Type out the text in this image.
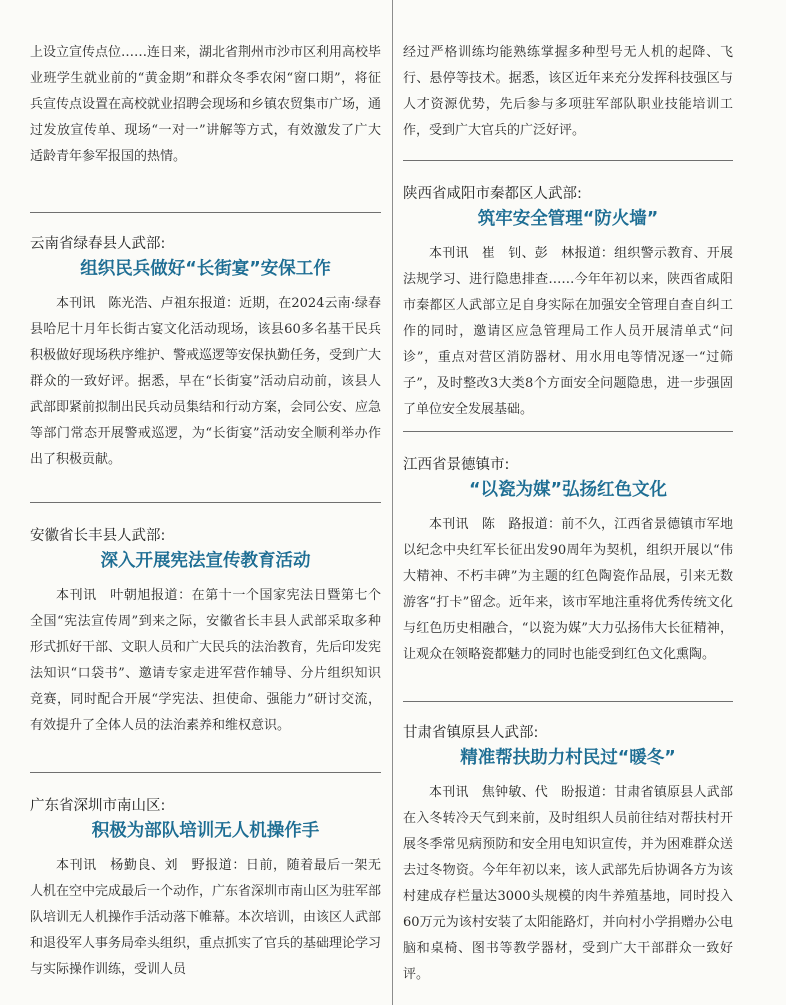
上设立宣传点位……连日来，湖北省荆州市沙市区利用高校毕业班学生就业前的“黄金期”和群众冬季农闲“窗口期”，将征兵宣传点设置在高校就业招聘会现场和乡镇农贸集市广场，通过发放宣传单、现场“一对一”讲解等方式，有效激发了广大适龄青年参军报国的热情。

云南省绿春县人武部:

组织民兵做好“长街宴”安保工作

本刊讯　陈光浩、卢祖东报道：近期，在2024云南·绿春县哈尼十月年长街古宴文化活动现场，该县60多名基干民兵积极做好现场秩序维护、警戒巡逻等安保执勤任务，受到广大群众的一致好评。据悉，早在“长街宴”活动启动前，该县人武部即紧前拟制出民兵动员集结和行动方案，会同公安、应急等部门常态开展警戒巡逻，为“长街宴”活动安全顺利举办作出了积极贡献。

安徽省长丰县人武部:

深入开展宪法宣传教育活动

本刊讯　叶朝旭报道：在第十一个国家宪法日暨第七个全国“宪法宣传周”到来之际，安徽省长丰县人武部采取多种形式抓好干部、文职人员和广大民兵的法治教育，先后印发宪法知识“口袋书”、邀请专家走进军营作辅导、分片组织知识竞赛，同时配合开展“学宪法、担使命、强能力”研讨交流，有效提升了全体人员的法治素养和维权意识。

广东省深圳市南山区:

积极为部队培训无人机操作手

本刊讯　杨勤良、刘　野报道：日前，随着最后一架无人机在空中完成最后一个动作，广东省深圳市南山区为驻军部队培训无人机操作手活动落下帷幕。本次培训，由该区人武部和退役军人事务局牵头组织，重点抓实了官兵的基础理论学习与实际操作训练，受训人员

经过严格训练均能熟练掌握多种型号无人机的起降、飞行、悬停等技术。据悉，该区近年来充分发挥科技强区与人才资源优势，先后参与多项驻军部队职业技能培训工作，受到广大官兵的广泛好评。

陕西省咸阳市秦都区人武部:

筑牢安全管理“防火墙”

本刊讯　崔　钊、彭　林报道：组织警示教育、开展法规学习、进行隐患排查……今年年初以来，陕西省咸阳市秦都区人武部立足自身实际在加强安全管理自查自纠工作的同时，邀请区应急管理局工作人员开展清单式“问诊”，重点对营区消防器材、用水用电等情况逐一“过筛子”，及时整改3大类8个方面安全问题隐患，进一步强固了单位安全发展基础。

江西省景德镇市:

“以瓷为媒”弘扬红色文化

本刊讯　陈　路报道：前不久，江西省景德镇市军地以纪念中央红军长征出发90周年为契机，组织开展以“伟大精神、不朽丰碑”为主题的红色陶瓷作品展，引来无数游客“打卡”留念。近年来，该市军地注重将优秀传统文化与红色历史相融合，“以瓷为媒”大力弘扬伟大长征精神，让观众在领略瓷都魅力的同时也能受到红色文化熏陶。

甘肃省镇原县人武部:

精准帮扶助力村民过“暖冬”

本刊讯　焦钟敏、代　盼报道：甘肃省镇原县人武部在入冬转冷天气到来前，及时组织人员前往结对帮扶村开展冬季常见病预防和安全用电知识宣传，并为困难群众送去过冬物资。今年年初以来，该人武部先后协调各方为该村建成存栏量达3000头规模的肉牛养殖基地，同时投入60万元为该村安装了太阳能路灯，并向村小学捐赠办公电脑和桌椅、图书等教学器材，受到广大干部群众一致好评。
